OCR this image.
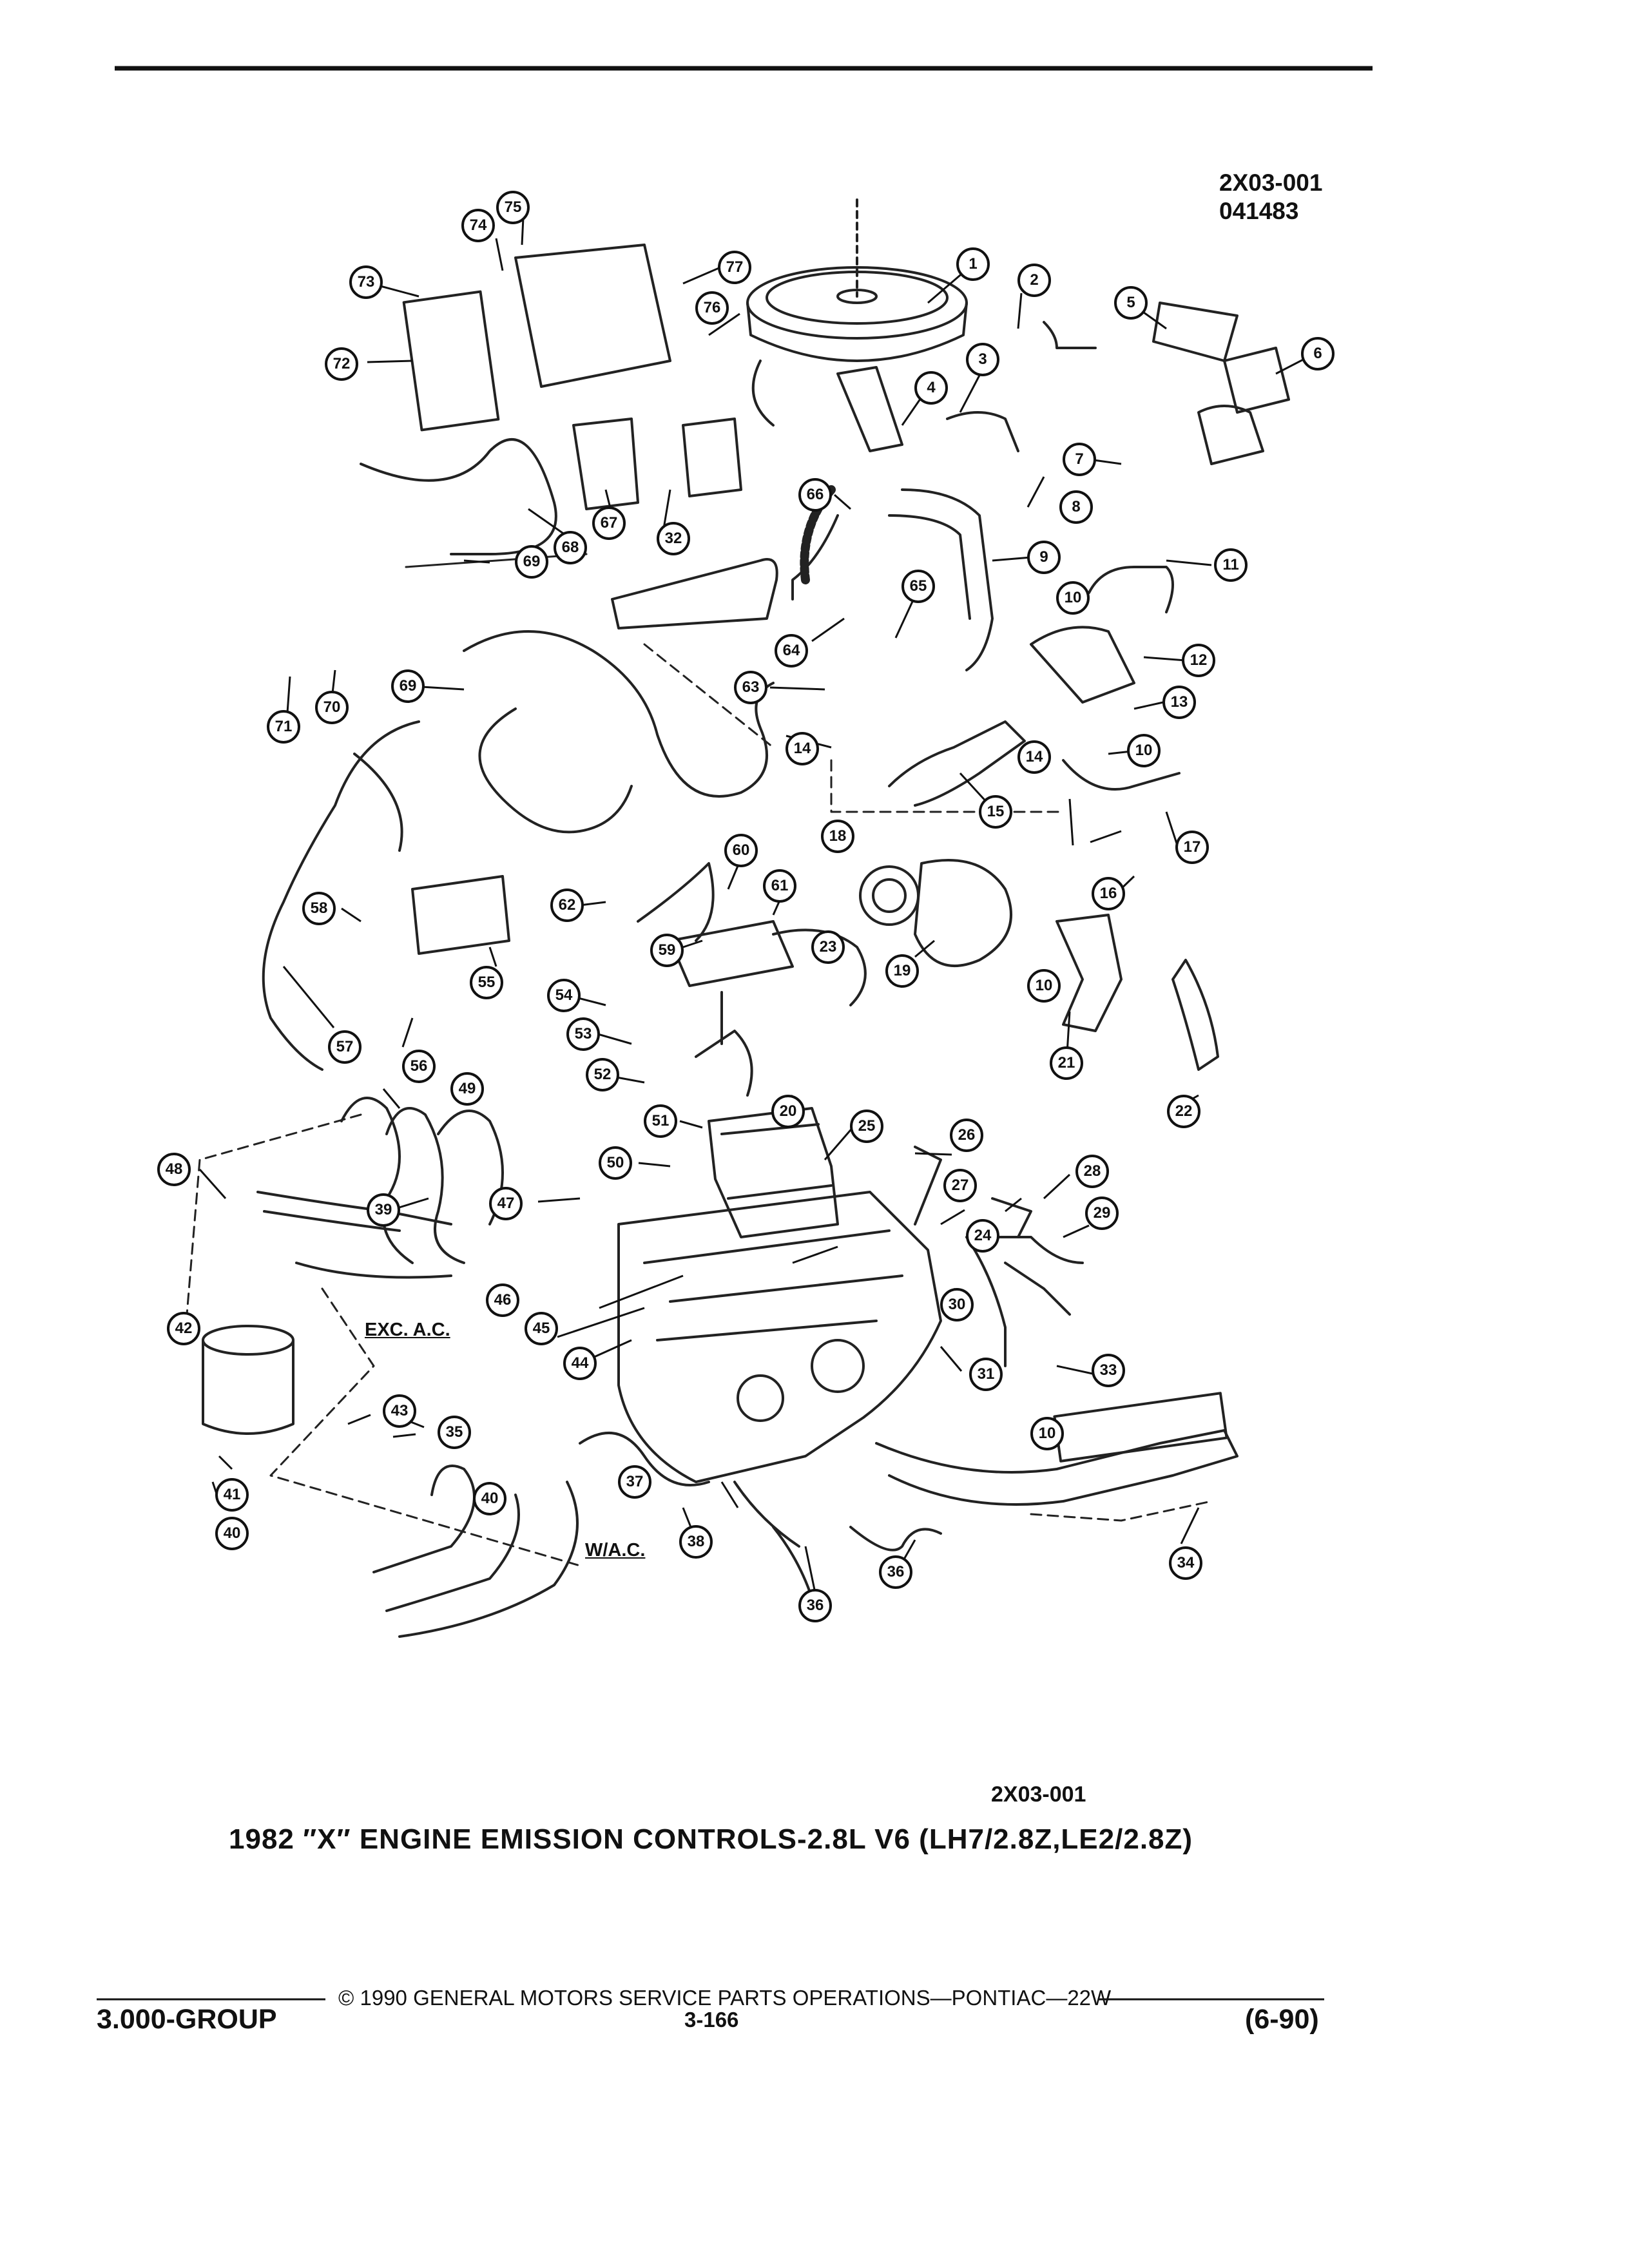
1
2
3
4
5
6
7
8
9
10
10
10
10
11
12
13
14	14
15
16
17
18
19
20
21
22
23
24
25
26
27
28
29
30
31
32
33
34
35
36
36
37
38
39
40
40
41
42
43
44
45
46
47
48
49
50
51
52
53
54
55
56
57
58
59
60
61
62
63
64
65
66
67
68
69
69
70
71
72
73
74
75
76
77
2X03-001
041483
EXC. A.C.
W/A.C.
2X03-001
1982 ″X″ ENGINE EMISSION CONTROLS-2.8L V6 (LH7/2.8Z,LE2/2.8Z)
© 1990 GENERAL MOTORS SERVICE PARTS OPERATIONS—PONTIAC—22W
3.000-GROUP	3-166	(6-90)
